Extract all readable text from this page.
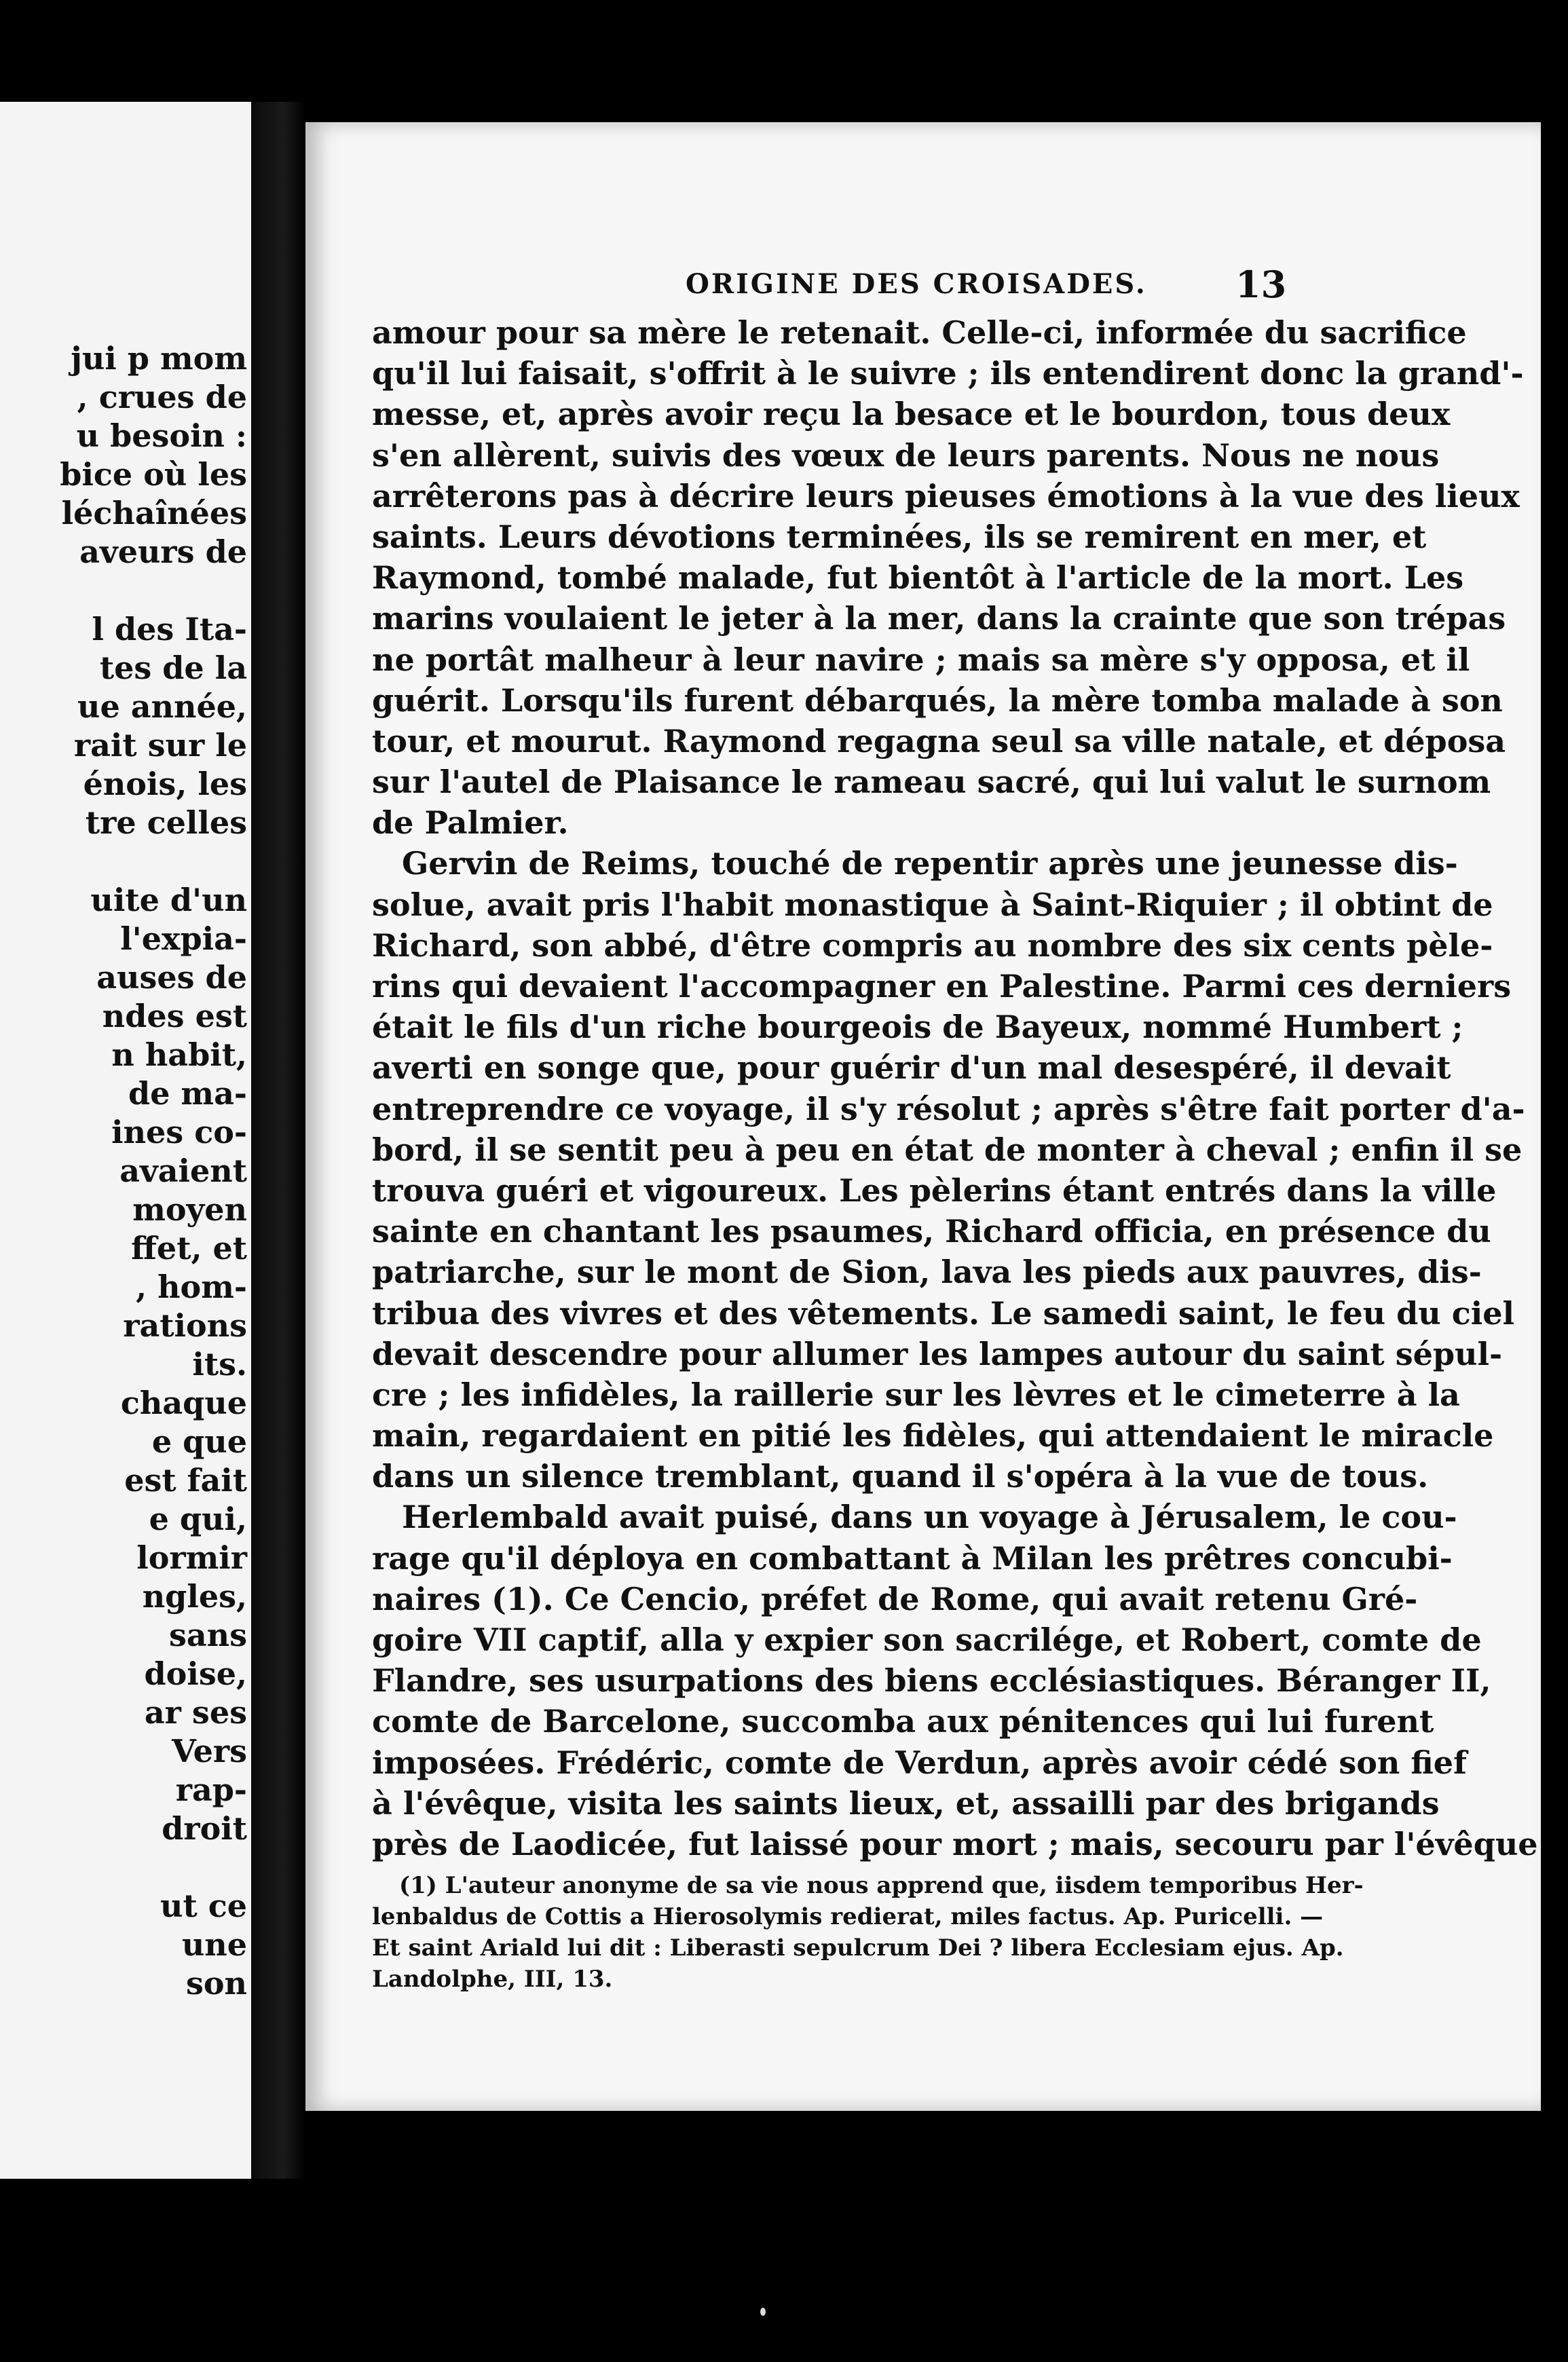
jui p mom
, crues de
u besoin :
bice où les
léchaînées
aveurs de
l des Ita-
tes de la
ue année,
rait sur le
énois, les
tre celles
uite d'un
l'expia-
auses de
ndes est
n habit,
de ma-
ines co-
avaient
moyen
ffet, et
, hom-
rations
its.
chaque
e que
est fait
e qui,
lormir
ngles,
sans
doise,
ar ses
Vers
rap-
droit
ut ce
une
son
ORIGINE DES CROISADES. 13
amour pour sa mère le retenait. Celle-ci, informée du sacrifice
qu'il lui faisait, s'offrit à le suivre ; ils entendirent donc la grand'-
messe, et, après avoir reçu la besace et le bourdon, tous deux
s'en allèrent, suivis des vœux de leurs parents. Nous ne nous
arrêterons pas à décrire leurs pieuses émotions à la vue des lieux
saints. Leurs dévotions terminées, ils se remirent en mer, et
Raymond, tombé malade, fut bientôt à l'article de la mort. Les
marins voulaient le jeter à la mer, dans la crainte que son trépas
ne portât malheur à leur navire ; mais sa mère s'y opposa, et il
guérit. Lorsqu'ils furent débarqués, la mère tomba malade à son
tour, et mourut. Raymond regagna seul sa ville natale, et déposa
sur l'autel de Plaisance le rameau sacré, qui lui valut le surnom
de Palmier.
Gervin de Reims, touché de repentir après une jeunesse dis-
solue, avait pris l'habit monastique à Saint-Riquier ; il obtint de
Richard, son abbé, d'être compris au nombre des six cents pèle-
rins qui devaient l'accompagner en Palestine. Parmi ces derniers
était le fils d'un riche bourgeois de Bayeux, nommé Humbert ;
averti en songe que, pour guérir d'un mal desespéré, il devait
entreprendre ce voyage, il s'y résolut ; après s'être fait porter d'a-
bord, il se sentit peu à peu en état de monter à cheval ; enfin il se
trouva guéri et vigoureux. Les pèlerins étant entrés dans la ville
sainte en chantant les psaumes, Richard officia, en présence du
patriarche, sur le mont de Sion, lava les pieds aux pauvres, dis-
tribua des vivres et des vêtements. Le samedi saint, le feu du ciel
devait descendre pour allumer les lampes autour du saint sépul-
cre ; les infidèles, la raillerie sur les lèvres et le cimeterre à la
main, regardaient en pitié les fidèles, qui attendaient le miracle
dans un silence tremblant, quand il s'opéra à la vue de tous.
Herlembald avait puisé, dans un voyage à Jérusalem, le cou-
rage qu'il déploya en combattant à Milan les prêtres concubi-
naires (1). Ce Cencio, préfet de Rome, qui avait retenu Gré-
goire VII captif, alla y expier son sacrilége, et Robert, comte de
Flandre, ses usurpations des biens ecclésiastiques. Béranger II,
comte de Barcelone, succomba aux pénitences qui lui furent
imposées. Frédéric, comte de Verdun, après avoir cédé son fief
à l'évêque, visita les saints lieux, et, assailli par des brigands
près de Laodicée, fut laissé pour mort ; mais, secouru par l'évêque
(1) L'auteur anonyme de sa vie nous apprend que, iisdem temporibus Her-
lenbaldus de Cottis a Hierosolymis redierat, miles factus. Ap. Puricelli. —
Et saint Ariald lui dit : Liberasti sepulcrum Dei ? libera Ecclesiam ejus. Ap.
Landolphe, III, 13.
